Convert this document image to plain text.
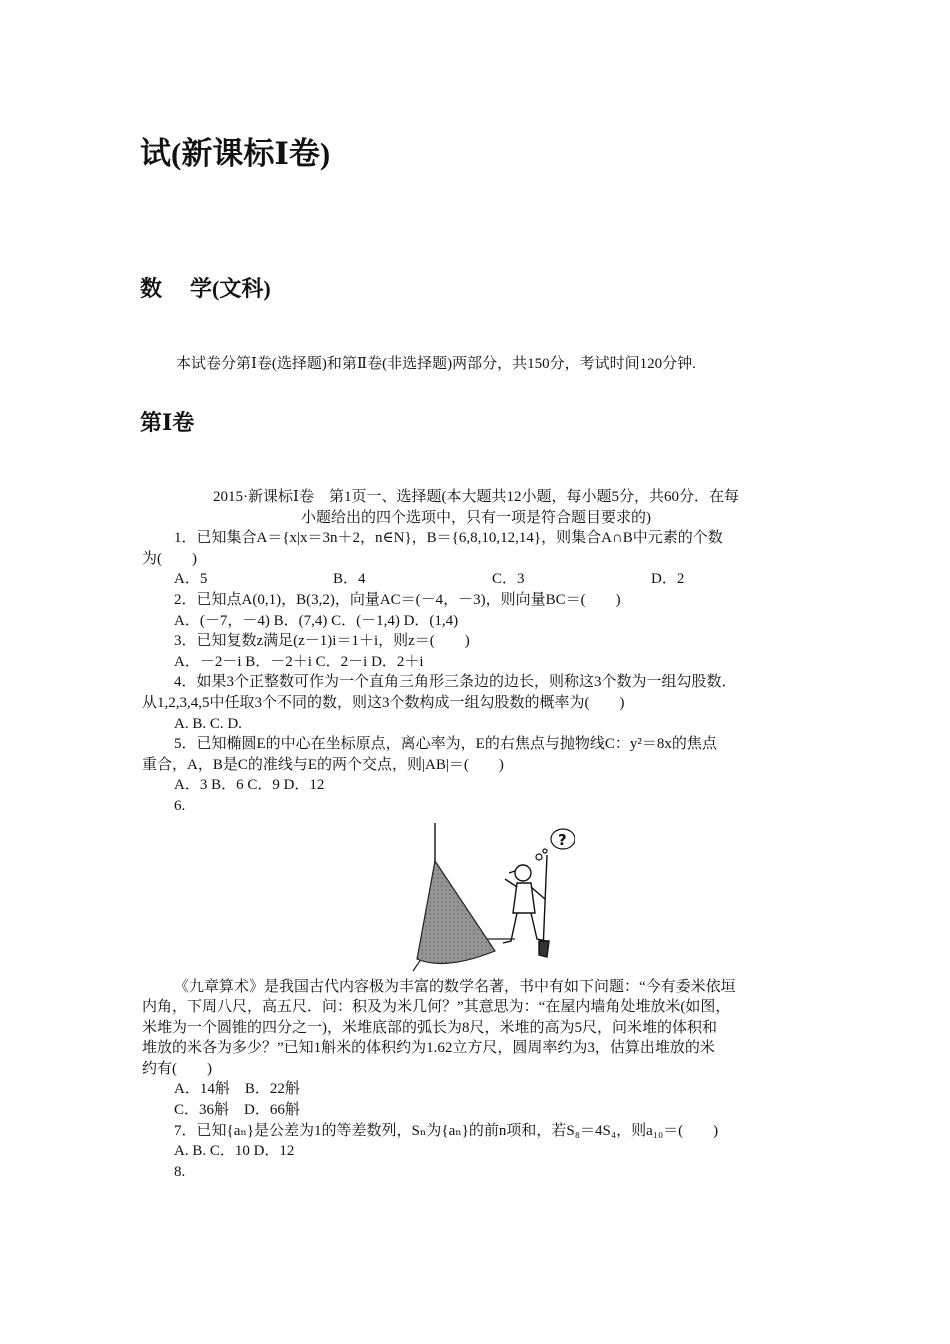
试(新课标Ⅰ卷)
数 学(文科)
本试卷分第Ⅰ卷(选择题)和第Ⅱ卷(非选择题)两部分，共150分，考试时间120分钟.
第Ⅰ卷
2015·新课标Ⅰ卷　第1页一、选择题(本大题共12小题，每小题5分，共60分．在每
小题给出的四个选项中，只有一项是符合题目要求的)
1．已知集合A＝{x|x＝3n＋2，n∈N}，B＝{6,8,10,12,14}，则集合A∩B中元素的个数
为(　　)
A．5	B．4	C．3	D．2
2．已知点A(0,1)，B(3,2)，向量AC＝(－4，－3)，则向量BC＝(　　)
A．(－7，－4) B．(7,4) C．(－1,4) D．(1,4)
3．已知复数z满足(z－1)i＝1＋i，则z＝(　　)
A．－2－i B．－2＋i C．2－i D．2＋i
4．如果3个正整数可作为一个直角三角形三条边的边长，则称这3个数为一组勾股数．
从1,2,3,4,5中任取3个不同的数，则这3个数构成一组勾股数的概率为(　　)
A. B. C. D.
5．已知椭圆E的中心在坐标原点，离心率为，E的右焦点与抛物线C：y²＝8x的焦点
重合，A，B是C的准线与E的两个交点，则|AB|＝(　　)
A．3 B．6 C．9 D．12
6.
?
《九章算术》是我国古代内容极为丰富的数学名著，书中有如下问题：“今有委米依垣
内角，下周八尺，高五尺．问：积及为米几何？”其意思为：“在屋内墙角处堆放米(如图，
米堆为一个圆锥的四分之一)，米堆底部的弧长为8尺，米堆的高为5尺，问米堆的体积和
堆放的米各为多少？”已知1斛米的体积约为1.62立方尺，圆周率约为3，估算出堆放的米
约有(　　)
A．14斛　B．22斛
C．36斛　D．66斛
7．已知{aₙ}是公差为1的等差数列，Sₙ为{aₙ}的前n项和，若S₈＝4S₄，则a₁₀＝(　　)
A. B. C．10 D．12
8.
